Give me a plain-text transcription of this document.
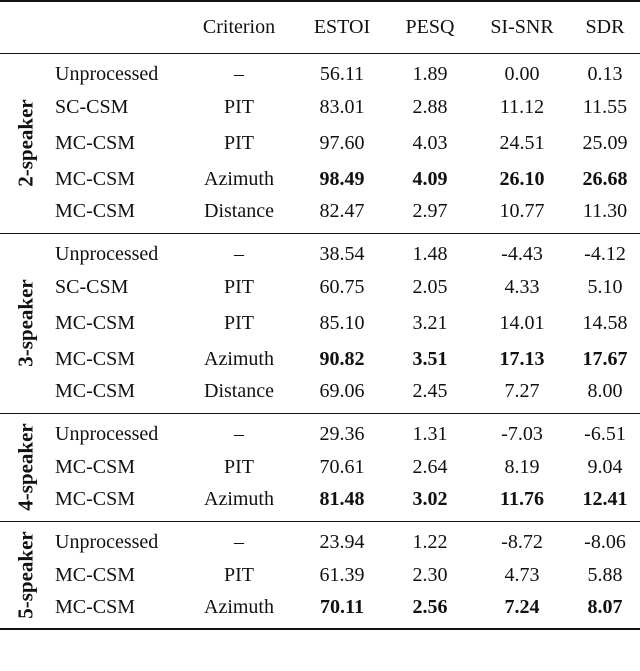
		Criterion	ESTOI	PESQ	SI-SNR	SDR

2-speaker	Unprocessed	–	56.11	1.89	0.00	0.13
	SC-CSM	PIT	83.01	2.88	11.12	11.55
	MC-CSM	PIT	97.60	4.03	24.51	25.09
	MC-CSM	Azimuth	98.49	4.09	26.10	26.68
	MC-CSM	Distance	82.47	2.97	10.77	11.30

3-speaker	Unprocessed	–	38.54	1.48	-4.43	-4.12
	SC-CSM	PIT	60.75	2.05	4.33	5.10
	MC-CSM	PIT	85.10	3.21	14.01	14.58
	MC-CSM	Azimuth	90.82	3.51	17.13	17.67
	MC-CSM	Distance	69.06	2.45	7.27	8.00

4-speaker	Unprocessed	–	29.36	1.31	-7.03	-6.51
	MC-CSM	PIT	70.61	2.64	8.19	9.04
	MC-CSM	Azimuth	81.48	3.02	11.76	12.41

5-speaker	Unprocessed	–	23.94	1.22	-8.72	-8.06
	MC-CSM	PIT	61.39	2.30	4.73	5.88
	MC-CSM	Azimuth	70.11	2.56	7.24	8.07
